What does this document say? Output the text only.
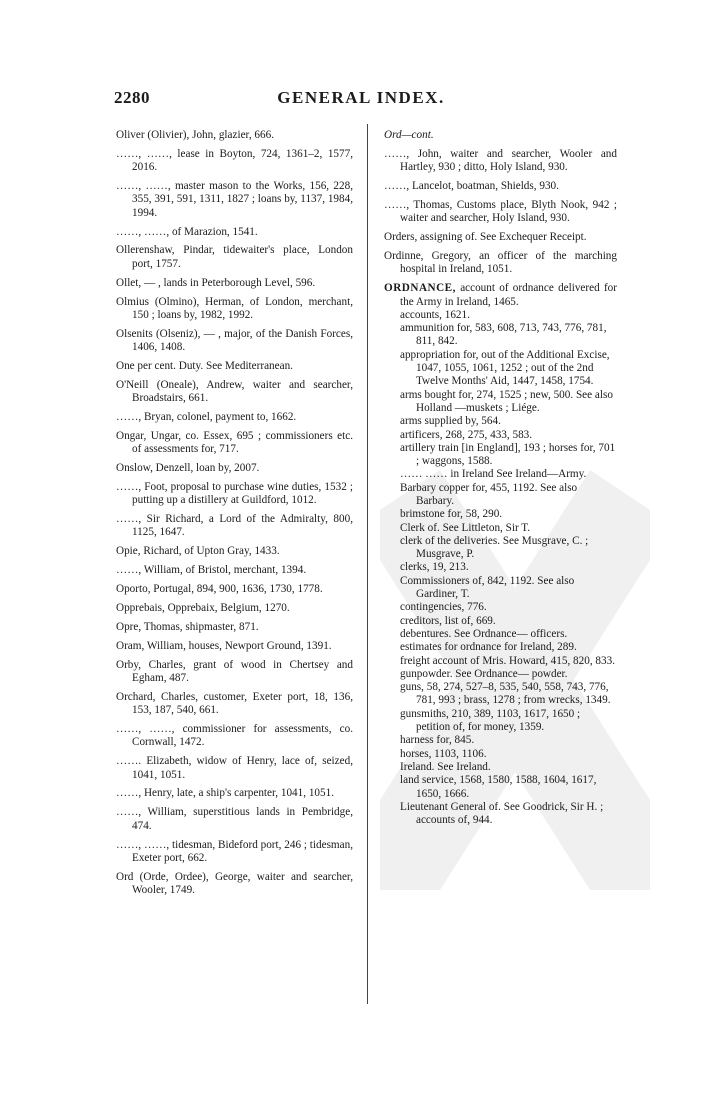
2280	GENERAL INDEX.

Oliver (Olivier), John, glazier, 666.

……, ……, lease in Boyton, 724, 1361–2, 1577, 2016.

……, ……, master mason to the Works, 156, 228, 355, 391, 591, 1311, 1827 ; loans by, 1137, 1984, 1994.

……, ……, of Marazion, 1541.

Ollerenshaw, Pindar, tidewaiter's place, London port, 1757.

Ollet, — , lands in Peterborough Level, 596.

Olmius (Olmino), Herman, of London, merchant, 150 ; loans by, 1982, 1992.

Olsenits (Olseniz), — , major, of the Danish Forces, 1406, 1408.

One per cent. Duty. See Mediterranean.

O'Neill (Oneale), Andrew, waiter and searcher, Broadstairs, 661.

……, Bryan, colonel, payment to, 1662.

Ongar, Ungar, co. Essex, 695 ; commissioners etc. of assessments for, 717.

Onslow, Denzell, loan by, 2007.

……, Foot, proposal to purchase wine duties, 1532 ; putting up a distillery at Guildford, 1012.

……, Sir Richard, a Lord of the Admiralty, 800, 1125, 1647.

Opie, Richard, of Upton Gray, 1433.

……, William, of Bristol, merchant, 1394.

Oporto, Portugal, 894, 900, 1636, 1730, 1778.

Opprebais, Opprebaix, Belgium, 1270.

Opre, Thomas, shipmaster, 871.

Oram, William, houses, Newport Ground, 1391.

Orby, Charles, grant of wood in Chertsey and Egham, 487.

Orchard, Charles, customer, Exeter port, 18, 136, 153, 187, 540, 661.

……, ……, commissioner for assessments, co. Cornwall, 1472.

……. Elizabeth, widow of Henry, lace of, seized, 1041, 1051.

……, Henry, late, a ship's carpenter, 1041, 1051.

……, William, superstitious lands in Pembridge, 474.

……, ……, tidesman, Bideford port, 246 ; tidesman, Exeter port, 662.

Ord (Orde, Ordee), George, waiter and searcher, Wooler, 1749.

Ord—cont.

……, John, waiter and searcher, Wooler and Hartley, 930 ; ditto, Holy Island, 930.

……, Lancelot, boatman, Shields, 930.

……, Thomas, Customs place, Blyth Nook, 942 ; waiter and searcher, Holy Island, 930.

Orders, assigning of. See Exchequer Receipt.

Ordinne, Gregory, an officer of the marching hospital in Ireland, 1051.

ORDNANCE, account of ordnance delivered for the Army in Ireland, 1465.

accounts, 1621.

ammunition for, 583, 608, 713, 743, 776, 781, 811, 842.

appropriation for, out of the Additional Excise, 1047, 1055, 1061, 1252 ; out of the 2nd Twelve Months' Aid, 1447, 1458, 1754.

arms bought for, 274, 1525 ; new, 500. See also Holland —muskets ; Liége.

arms supplied by, 564.

artificers, 268, 275, 433, 583.

artillery train [in England], 193 ; horses for, 701 ; waggons, 1588.

…… …… in Ireland See Ireland—Army.

Barbary copper for, 455, 1192. See also Barbary.

brimstone for, 58, 290.

Clerk of. See Littleton, Sir T.

clerk of the deliveries. See Musgrave, C. ; Musgrave, P.

clerks, 19, 213.

Commissioners of, 842, 1192. See also Gardiner, T.

contingencies, 776.

creditors, list of, 669.

debentures. See Ordnance— officers.

estimates for ordnance for Ireland, 289.

freight account of Mris. Howard, 415, 820, 833.

gunpowder. See Ordnance— powder.

guns, 58, 274, 527–8, 535, 540, 558, 743, 776, 781, 993 ; brass, 1278 ; from wrecks, 1349.

gunsmiths, 210, 389, 1103, 1617, 1650 ; petition of, for money, 1359.

harness for, 845.

horses, 1103, 1106.

Ireland. See Ireland.

land service, 1568, 1580, 1588, 1604, 1617, 1650, 1666.

Lieutenant General of. See Goodrick, Sir H. ; accounts of, 944.
